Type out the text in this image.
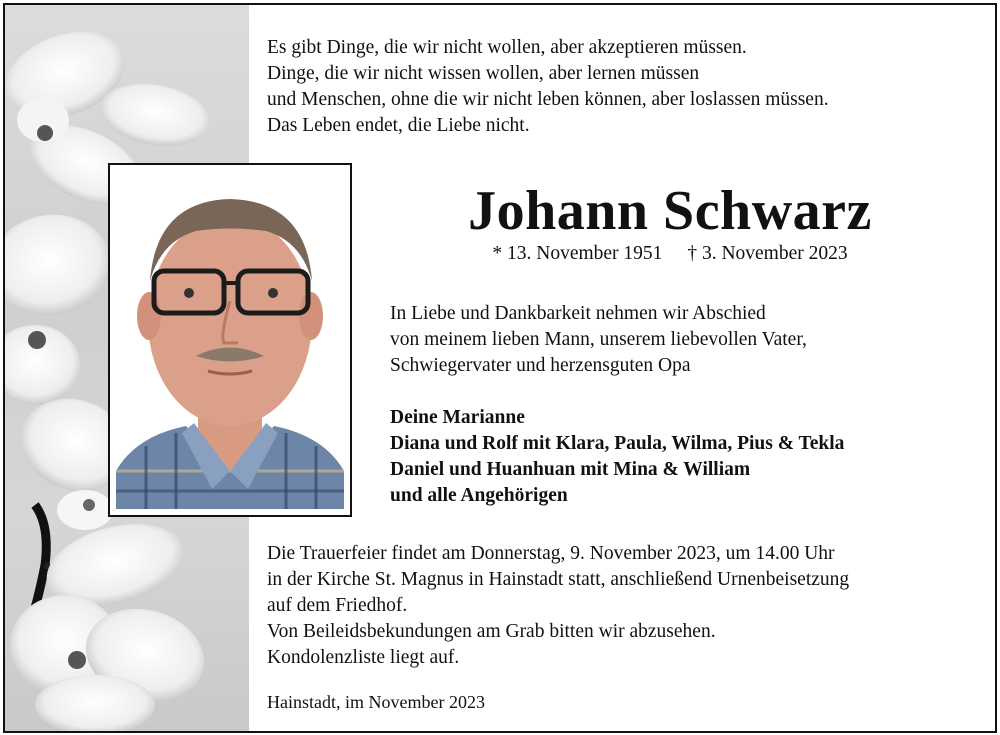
Es gibt Dinge, die wir nicht wollen, aber akzeptieren müssen.
Dinge, die wir nicht wissen wollen, aber lernen müssen
und Menschen, ohne die wir nicht leben können, aber loslassen müssen.
Das Leben endet, die Liebe nicht.
Johann Schwarz
* 13. November 1951 † 3. November 2023
In Liebe und Dankbarkeit nehmen wir Abschied
von meinem lieben Mann, unserem liebevollen Vater,
Schwiegervater und herzensguten Opa
Deine Marianne
Diana und Rolf mit Klara, Paula, Wilma, Pius & Tekla
Daniel und Huanhuan mit Mina & William
und alle Angehörigen
Die Trauerfeier findet am Donnerstag, 9. November 2023, um 14.00 Uhr
in der Kirche St. Magnus in Hainstadt statt, anschließend Urnenbeisetzung
auf dem Friedhof.
Von Beileidsbekundungen am Grab bitten wir abzusehen.
Kondolenzliste liegt auf.
Hainstadt, im November 2023
